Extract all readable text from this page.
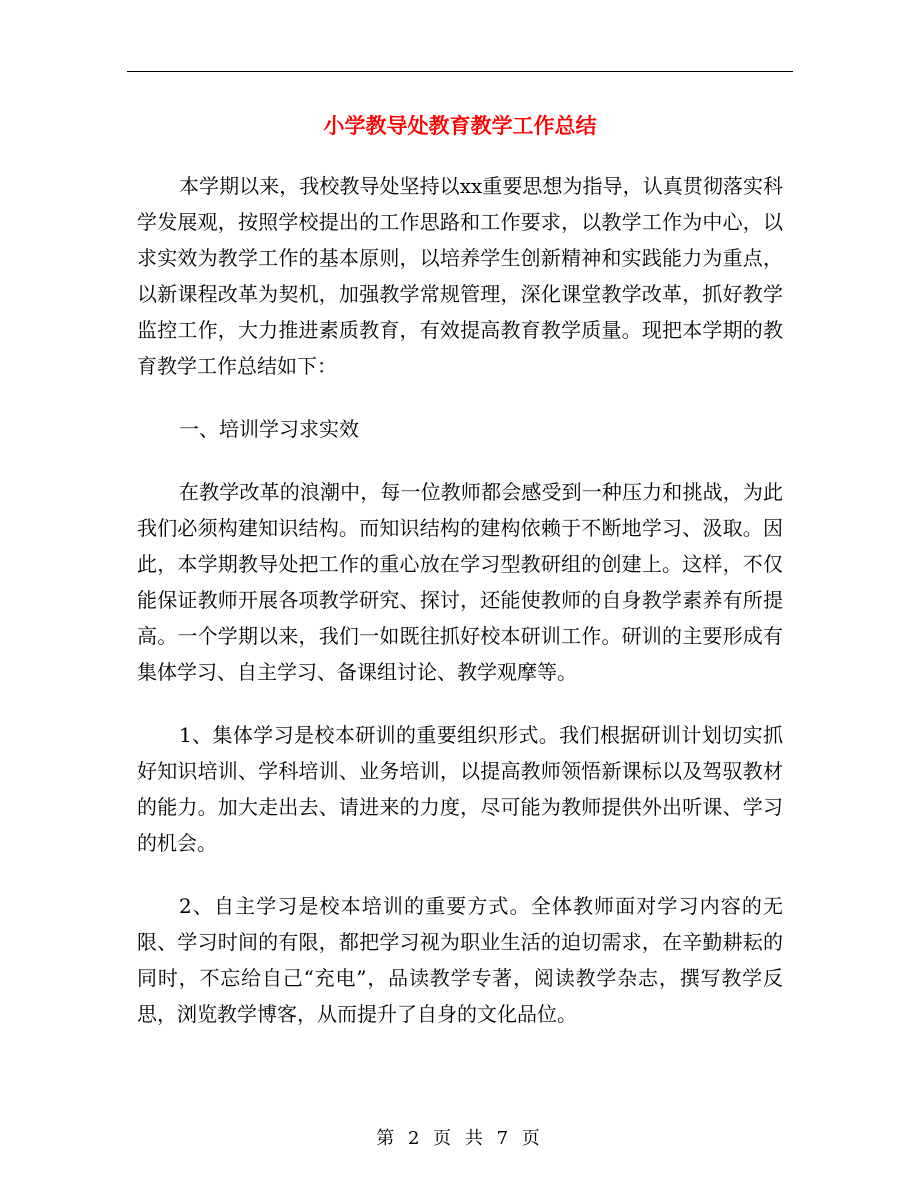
小学教导处教育教学工作总结

本学期以来，我校教导处坚持以xx重要思想为指导，认真贯彻落实科学发展观，按照学校提出的工作思路和工作要求，以教学工作为中心，以求实效为教学工作的基本原则，以培养学生创新精神和实践能力为重点，以新课程改革为契机，加强教学常规管理，深化课堂教学改革，抓好教学监控工作，大力推进素质教育，有效提高教育教学质量。现把本学期的教育教学工作总结如下：

一、培训学习求实效

在教学改革的浪潮中，每一位教师都会感受到一种压力和挑战，为此我们必须构建知识结构。而知识结构的建构依赖于不断地学习、汲取。因此，本学期教导处把工作的重心放在学习型教研组的创建上。这样，不仅能保证教师开展各项教学研究、探讨，还能使教师的自身教学素养有所提高。一个学期以来，我们一如既往抓好校本研训工作。研训的主要形成有集体学习、自主学习、备课组讨论、教学观摩等。

1、集体学习是校本研训的重要组织形式。我们根据研训计划切实抓好知识培训、学科培训、业务培训，以提高教师领悟新课标以及驾驭教材的能力。加大走出去、请进来的力度，尽可能为教师提供外出听课、学习的机会。

2、自主学习是校本培训的重要方式。全体教师面对学习内容的无限、学习时间的有限，都把学习视为职业生活的迫切需求，在辛勤耕耘的同时，不忘给自己“充电”，品读教学专著，阅读教学杂志，撰写教学反思，浏览教学博客，从而提升了自身的文化品位。

第 2 页 共 7 页
